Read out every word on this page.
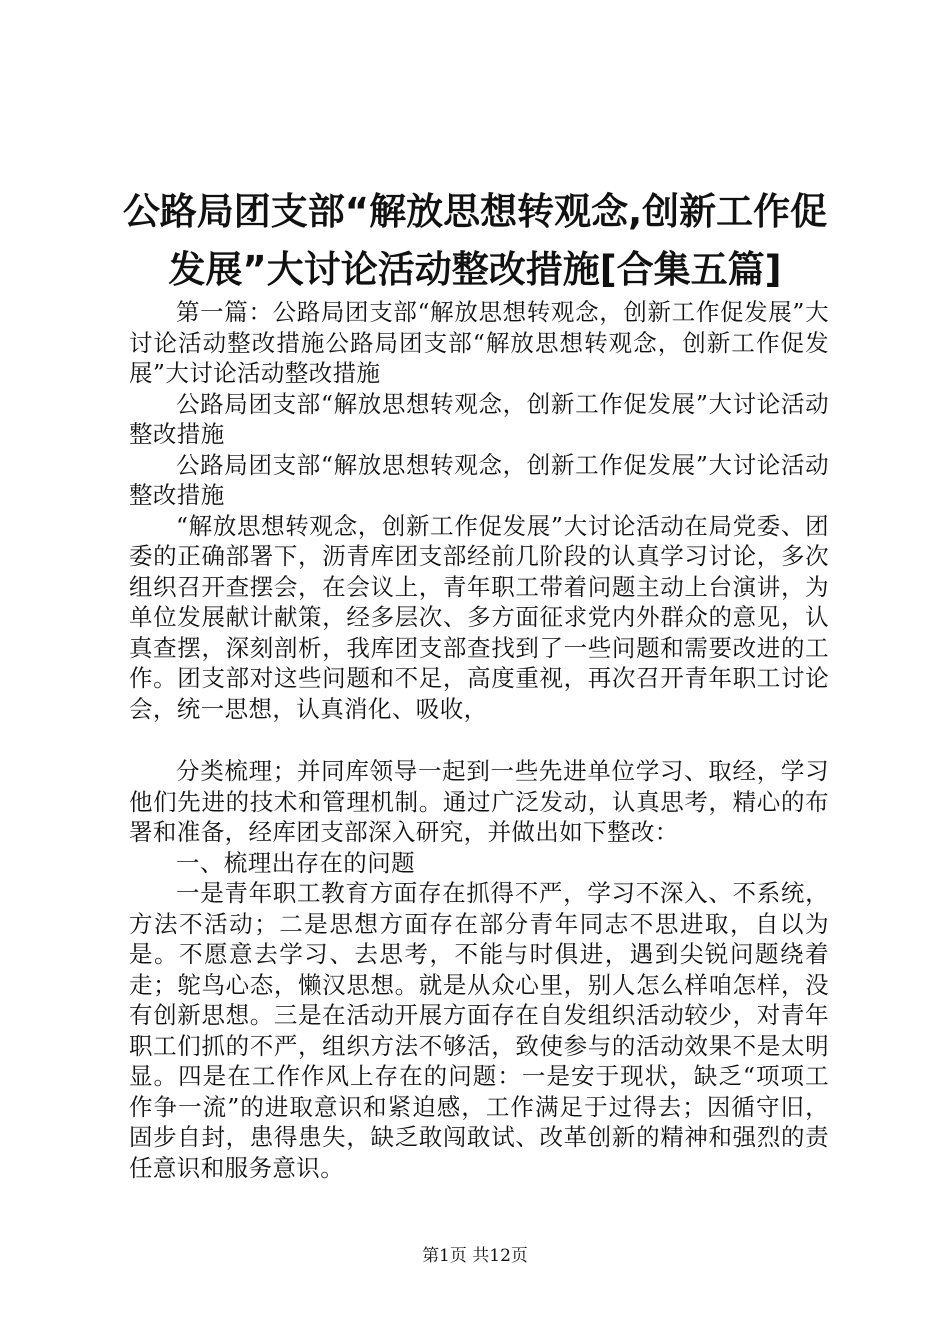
公路局团支部“解放思想转观念,创新工作促
发展”大讨论活动整改措施[合集五篇]

第一篇：公路局团支部“解放思想转观念，创新工作促发展”大讨论活动整改措施公路局团支部“解放思想转观念，创新工作促发展”大讨论活动整改措施

公路局团支部“解放思想转观念，创新工作促发展”大讨论活动整改措施

公路局团支部“解放思想转观念，创新工作促发展”大讨论活动整改措施

“解放思想转观念，创新工作促发展”大讨论活动在局党委、团委的正确部署下，沥青库团支部经前几阶段的认真学习讨论，多次组织召开查摆会，在会议上，青年职工带着问题主动上台演讲，为单位发展献计献策，经多层次、多方面征求党内外群众的意见，认真查摆，深刻剖析，我库团支部查找到了一些问题和需要改进的工作。团支部对这些问题和不足，高度重视，再次召开青年职工讨论会，统一思想，认真消化、吸收，

分类梳理；并同库领导一起到一些先进单位学习、取经，学习他们先进的技术和管理机制。通过广泛发动，认真思考，精心的布署和准备，经库团支部深入研究，并做出如下整改：

一、梳理出存在的问题

一是青年职工教育方面存在抓得不严，学习不深入、不系统，方法不活动；二是思想方面存在部分青年同志不思进取，自以为是。不愿意去学习、去思考，不能与时俱进，遇到尖锐问题绕着走；鸵鸟心态，懒汉思想。就是从众心里，别人怎么样咱怎样，没有创新思想。三是在活动开展方面存在自发组织活动较少，对青年职工们抓的不严，组织方法不够活，致使参与的活动效果不是太明显。四是在工作作风上存在的问题：一是安于现状，缺乏“项项工作争一流”的进取意识和紧迫感，工作满足于过得去；因循守旧，固步自封，患得患失，缺乏敢闯敢试、改革创新的精神和强烈的责任意识和服务意识。

第1页 共12页
